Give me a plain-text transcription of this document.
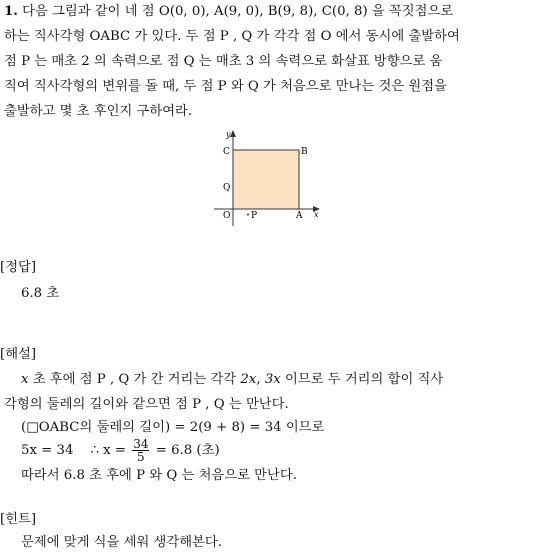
1. 다음 그림과 같이 네 점 O(0, 0), A(9, 0), B(9, 8), C(0, 8) 을 꼭짓점으로
하는 직사각형 OABC 가 있다. 두 점 P , Q 가 각각 점 O 에서 동시에 출발하여
점 P 는 매초 2 의 속력으로 점 Q 는 매초 3 의 속력으로 화살표 방향으로 움
직여 직사각형의 변위를 돌 때, 두 점 P 와 Q 가 처음으로 만나는 것은 원점을
출발하고 몇 초 후인지 구하여라.
y
x
C	B
Q
O P	A
[정답]
6.8 초
[해설]
x 초 후에 점 P , Q 가 간 거리는 각각 2x, 3x 이므로 두 거리의 합이 직사
각형의 둘레의 길이와 같으면 점 P , Q 는 만난다.
(□OABC의 둘레의 길이) = 2(9 + 8) = 34 이므로
5x = 34 ∴ $x = \frac{34}{5} = 6.8$ (초)
따라서 6.8 초 후에 P 와 Q 는 처음으로 만난다.
[힌트]
문제에 맞게 식을 세워 생각해본다.
